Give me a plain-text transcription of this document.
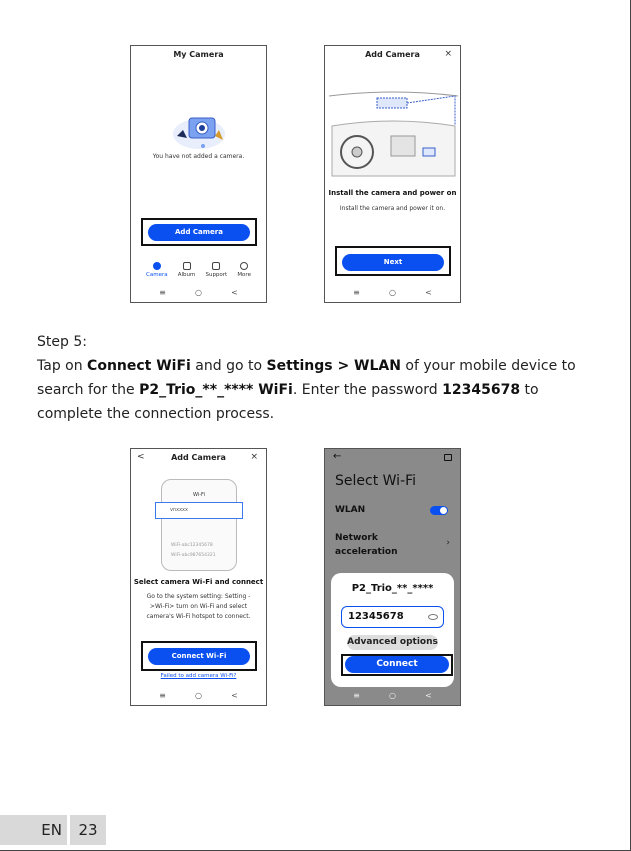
My Camera
You have not added a camera.
Add Camera
Camera Album Support More
≡	○	<
Add Camera	×
Install the camera and power on
Install the camera and power it on.
Next
≡	○	<
Step 5:
Tap on Connect WiFi and go to Settings > WLAN of your mobile device to search for the P2_Trio_**_**** WiFi. Enter the password 12345678 to complete the connection process.
<	Add Camera	×
Wi-Fi
vnxxxx
WiFi-abc12345678
WiFi-abc987654321
Select camera Wi-Fi and connect
Go to the system setting: Setting ->Wi-Fi> turn on Wi-Fi and select camera's Wi-Fi hotspot to connect.
Connect Wi-Fi
Failed to add camera Wi-Fi?
≡	○	<
←
Select Wi-Fi
WLAN
Network acceleration
›
P2_Trio_**_****
12345678
Advanced options
Connect
≡	○	<
EN	23
